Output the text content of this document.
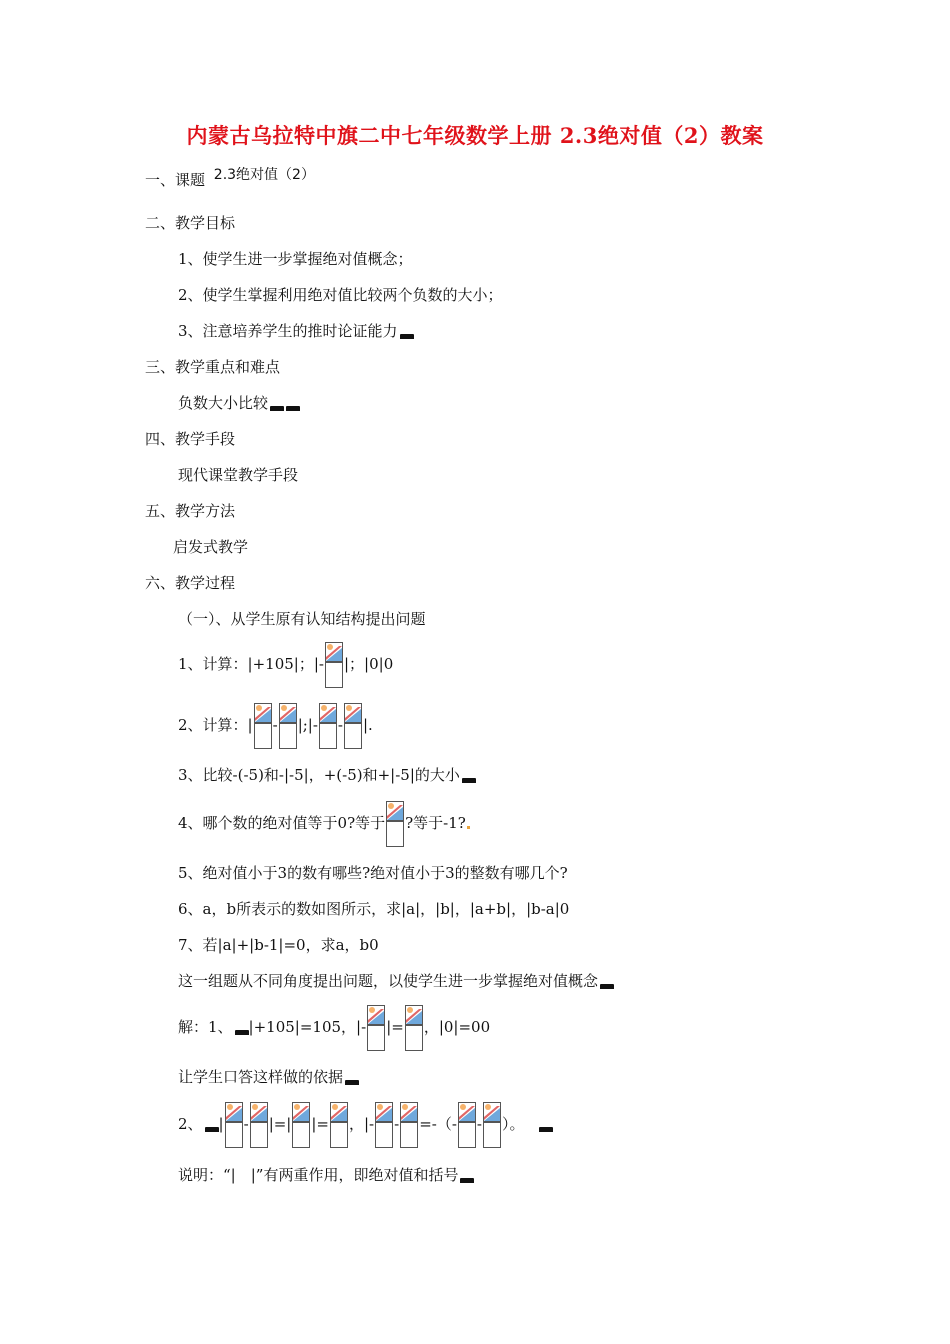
内蒙古乌拉特中旗二中七年级数学上册 2.3绝对值（2）教案
一、课题 2.3绝对值（2）
二、教学目标
1、使学生进一步掌握绝对值概念；
2、使学生掌握利用绝对值比较两个负数的大小；
3、注意培养学生的推时论证能力
三、教学重点和难点
负数大小比较
四、教学手段
现代课堂教学手段
五、教学方法
启发式教学
六、教学过程
（一）、从学生原有认知结构提出问题
1、计算：|+105|；|- |；|0|0
2、计算：| - |;|- - |.
3、比较-(-5)和-|-5|，+(-5)和+|-5|的大小
4、哪个数的绝对值等于0?等于 ?等于-1?
5、绝对值小于3的数有哪些?绝对值小于3的整数有哪几个?
6、a，b所表示的数如图所示，求|a|，|b|，|a+b|，|b-a|0
7、若|a|+|b-1|=0，求a，b0
这一组题从不同角度提出问题，以使学生进一步掌握绝对值概念
解：1、 |+105|=105，|- |= ，|0|=00
让学生口答这样做的依据
2、 | - |=| |= ，|- - =-（- - ）。
说明：“|　|”有两重作用，即绝对值和括号
